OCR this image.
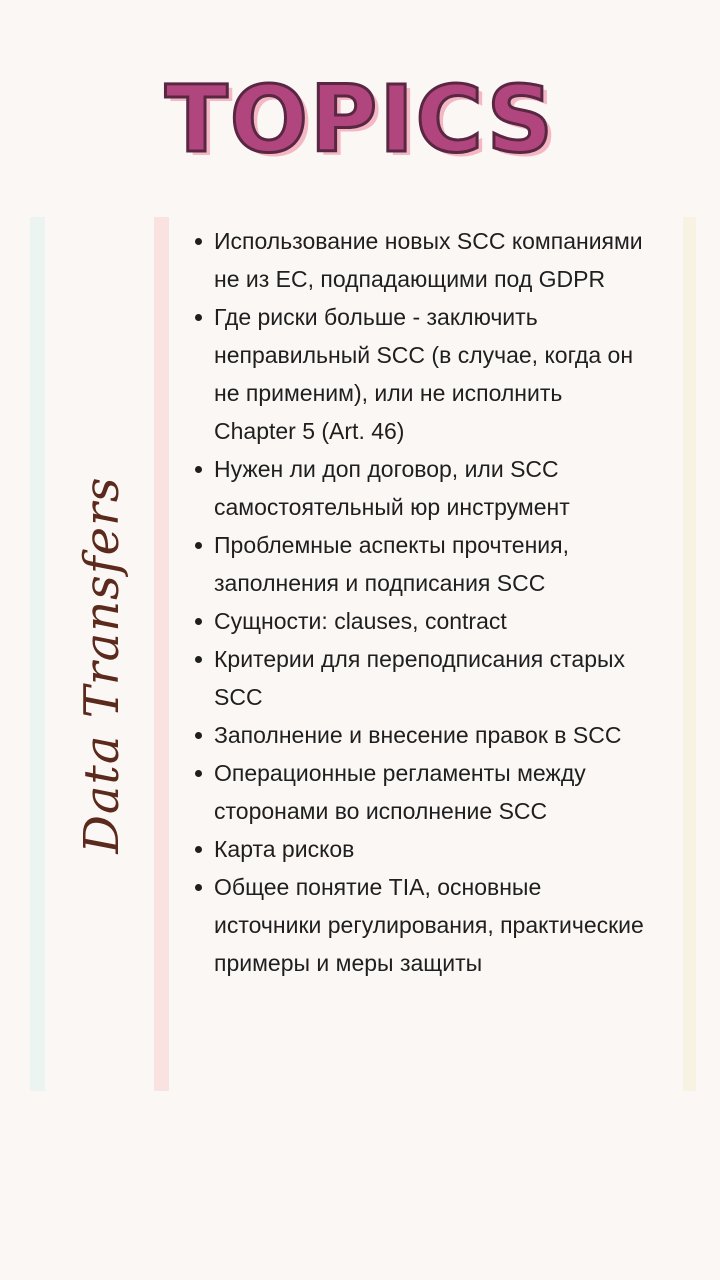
TOPICS
Data Transfers
Использование новых SCC компаниями не из ЕС, подпадающими под GDPR
Где риски больше - заключить неправильный SCC (в случае, когда он не применим), или не исполнить Chapter 5 (Art. 46)
Нужен ли доп договор, или SCC самостоятельный юр инструмент
Проблемные аспекты прочтения, заполнения и подписания SCC
Сущности: clauses, contract
Критерии для переподписания старых SCC
Заполнение и внесение правок в SCC
Операционные регламенты между сторонами во исполнение SCC
Карта рисков
Общее понятие TIA, основные источники регулирования, практические примеры и меры защиты
